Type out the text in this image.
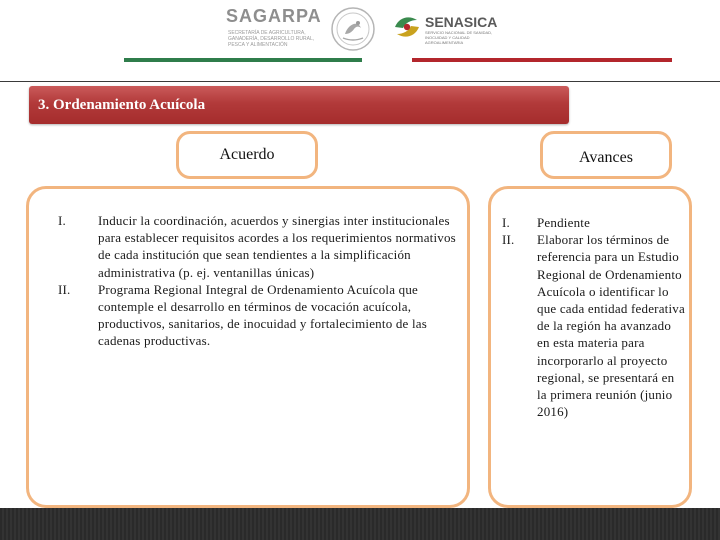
SAGARPA
SECRETARÍA DE AGRICULTURA, GANADERÍA, DESARROLLO RURAL, PESCA Y ALIMENTACIÓN
SENASICA
SERVICIO NACIONAL DE SANIDAD, INOCUIDAD Y CALIDAD AGROALIMENTARIA
3. Ordenamiento Acuícola
Acuerdo	Avances
I. Inducir la coordinación, acuerdos y sinergias inter institucionales para establecer requisitos acordes a los requerimientos normativos de cada institución que sean tendientes a la simplificación administrativa (p. ej. ventanillas únicas)
II. Programa Regional Integral de Ordenamiento Acuícola que contemple el desarrollo en términos de vocación acuícola, productivos, sanitarios, de inocuidad y fortalecimiento de las cadenas productivas.
I. Pendiente
II. Elaborar los términos de referencia para un Estudio Regional de Ordenamiento Acuícola o identificar lo que cada entidad federativa de la región ha avanzado en esta materia para incorporarlo al proyecto regional, se presentará en la primera reunión (junio 2016)
